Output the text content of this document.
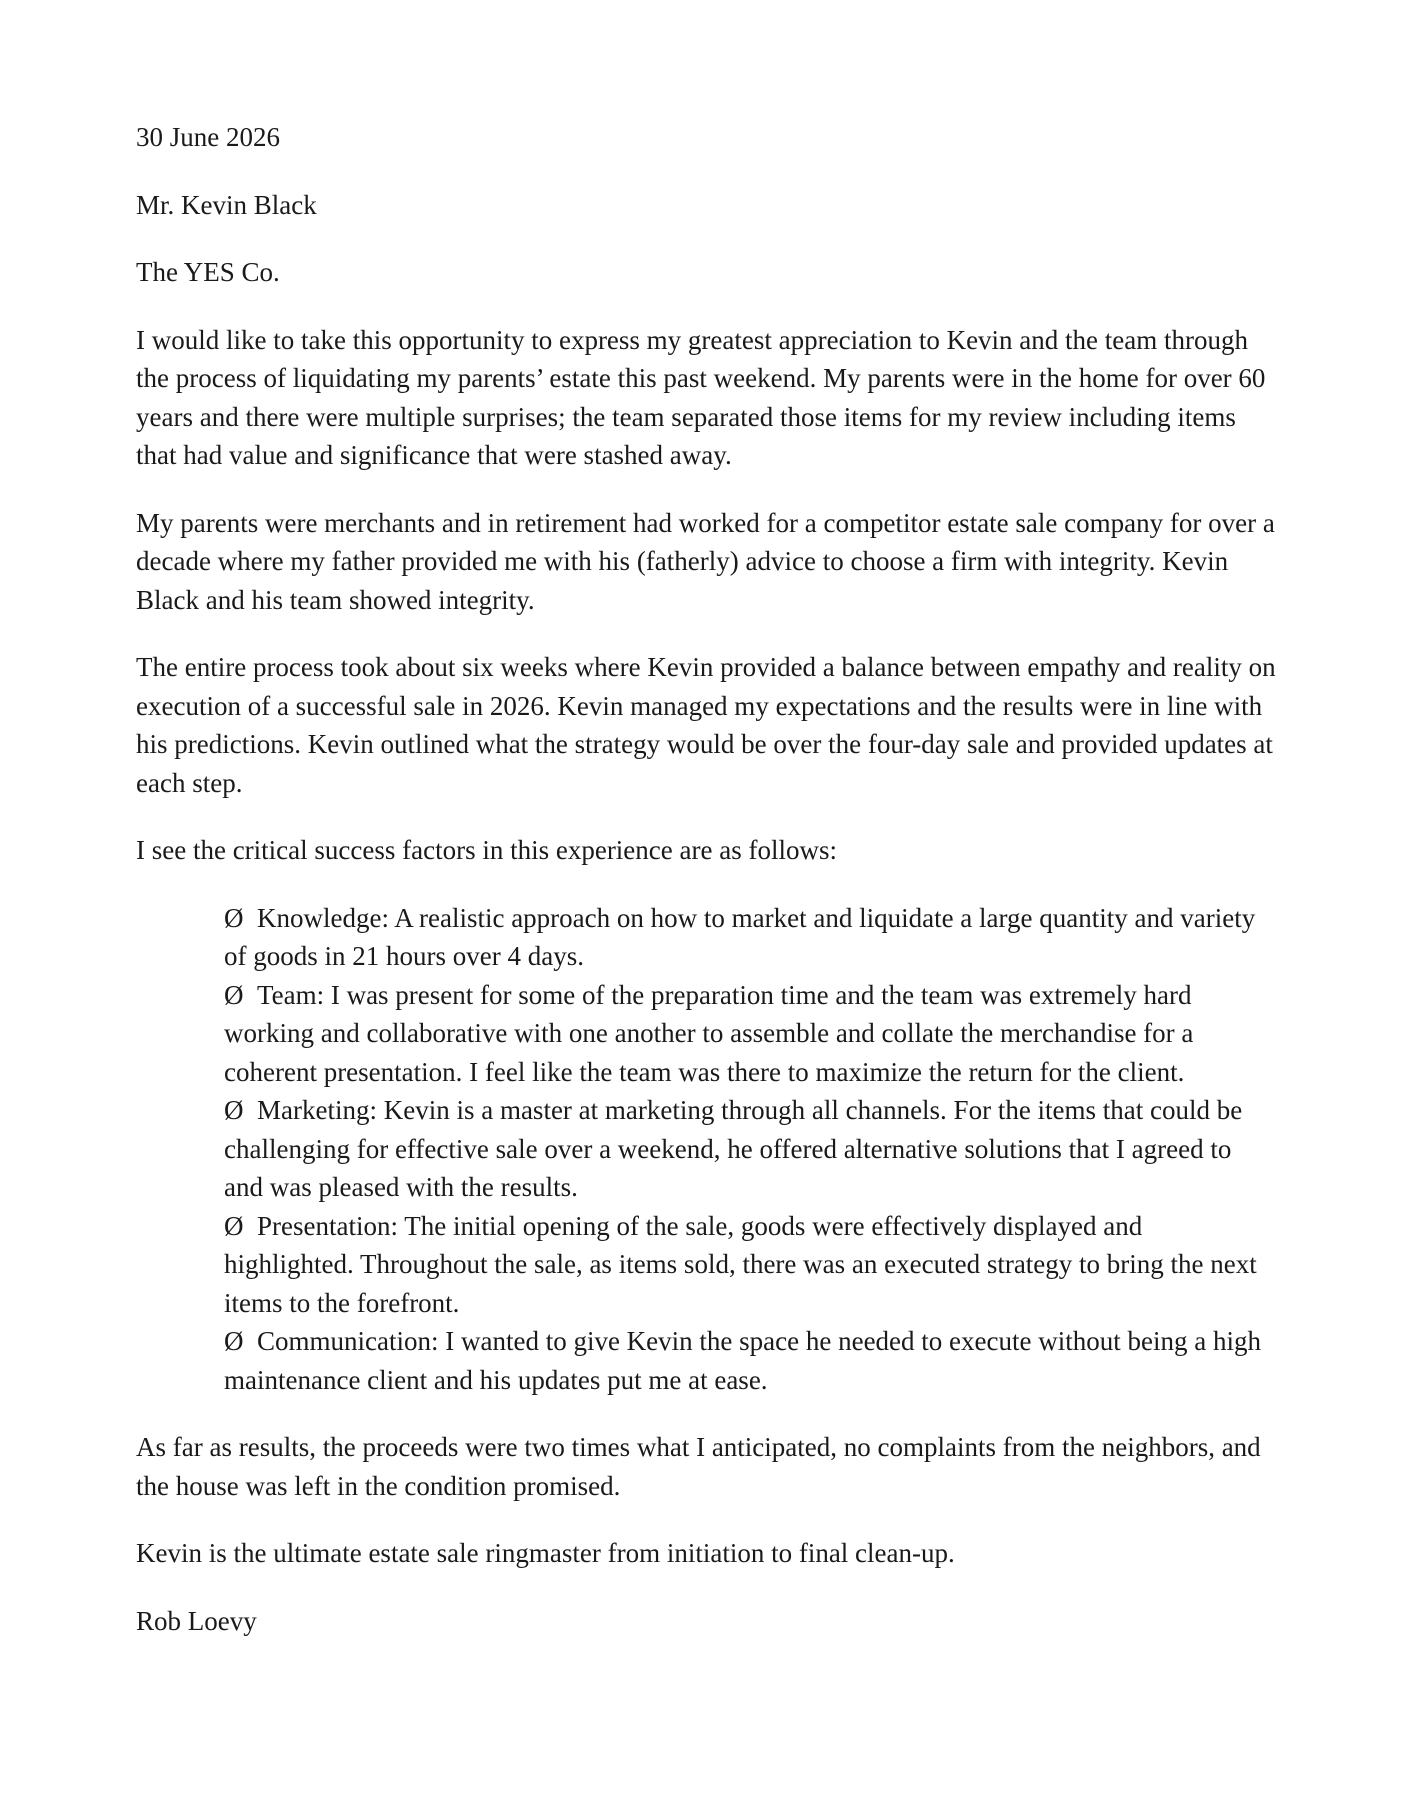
30 June 2026

Mr. Kevin Black

The YES Co.

I would like to take this opportunity to express my greatest appreciation to Kevin and the team through the process of liquidating my parents’ estate this past weekend. My parents were in the home for over 60 years and there were multiple surprises; the team separated those items for my review including items that had value and significance that were stashed away.

My parents were merchants and in retirement had worked for a competitor estate sale company for over a decade where my father provided me with his (fatherly) advice to choose a firm with integrity. Kevin Black and his team showed integrity.

The entire process took about six weeks where Kevin provided a balance between empathy and reality on execution of a successful sale in 2026. Kevin managed my expectations and the results were in line with his predictions. Kevin outlined what the strategy would be over the four-day sale and provided updates at each step.

I see the critical success factors in this experience are as follows:

Ø Knowledge: A realistic approach on how to market and liquidate a large quantity and variety of goods in 21 hours over 4 days.
Ø Team: I was present for some of the preparation time and the team was extremely hard working and collaborative with one another to assemble and collate the merchandise for a coherent presentation. I feel like the team was there to maximize the return for the client.
Ø Marketing: Kevin is a master at marketing through all channels. For the items that could be challenging for effective sale over a weekend, he offered alternative solutions that I agreed to and was pleased with the results.
Ø Presentation: The initial opening of the sale, goods were effectively displayed and highlighted. Throughout the sale, as items sold, there was an executed strategy to bring the next items to the forefront.
Ø Communication: I wanted to give Kevin the space he needed to execute without being a high maintenance client and his updates put me at ease.

As far as results, the proceeds were two times what I anticipated, no complaints from the neighbors, and the house was left in the condition promised.

Kevin is the ultimate estate sale ringmaster from initiation to final clean-up.

Rob Loevy
